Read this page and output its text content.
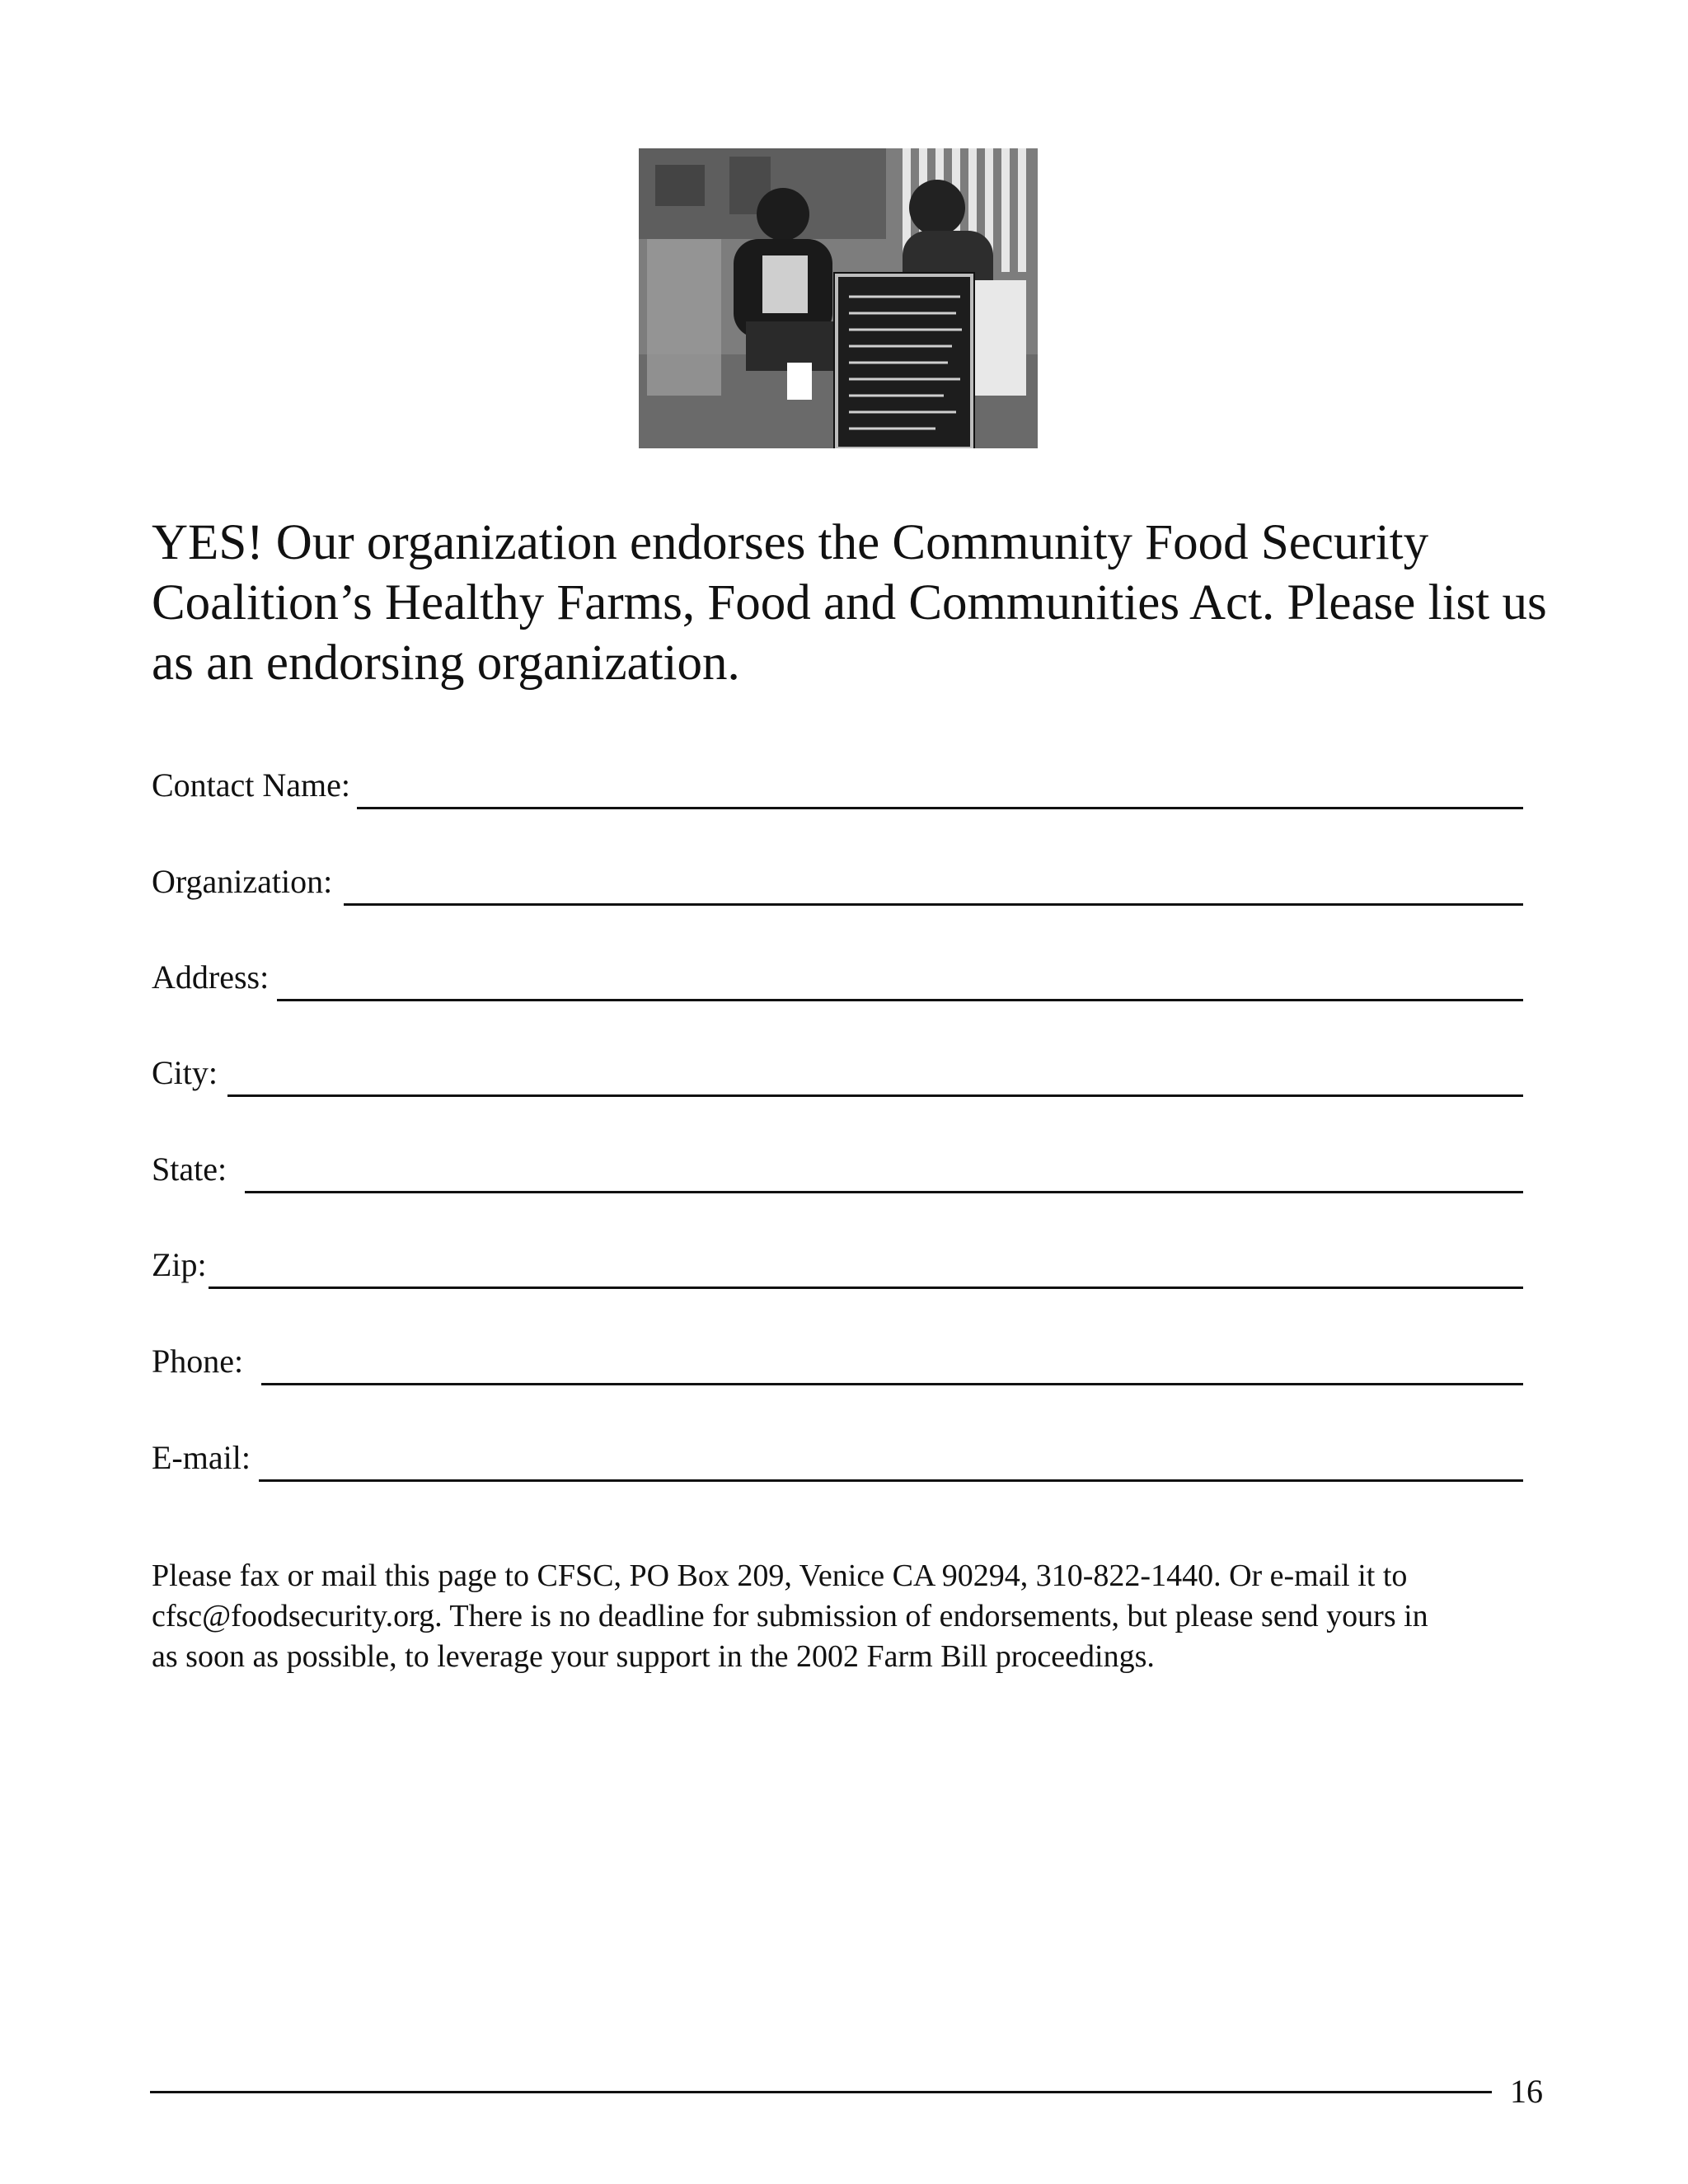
YES! Our organization endorses the Community Food Security Coalition’s Healthy Farms, Food and Communities Act. Please list us as an endorsing organization.

Contact Name:
Organization:
Address:
City:
State:
Zip:
Phone:
E-mail:

Please fax or mail this page to CFSC, PO Box 209, Venice CA 90294, 310-822-1440. Or e-mail it to
cfsc@foodsecurity.org. There is no deadline for submission of endorsements, but please send yours in
as soon as possible, to leverage your support in the 2002 Farm Bill proceedings.

16
